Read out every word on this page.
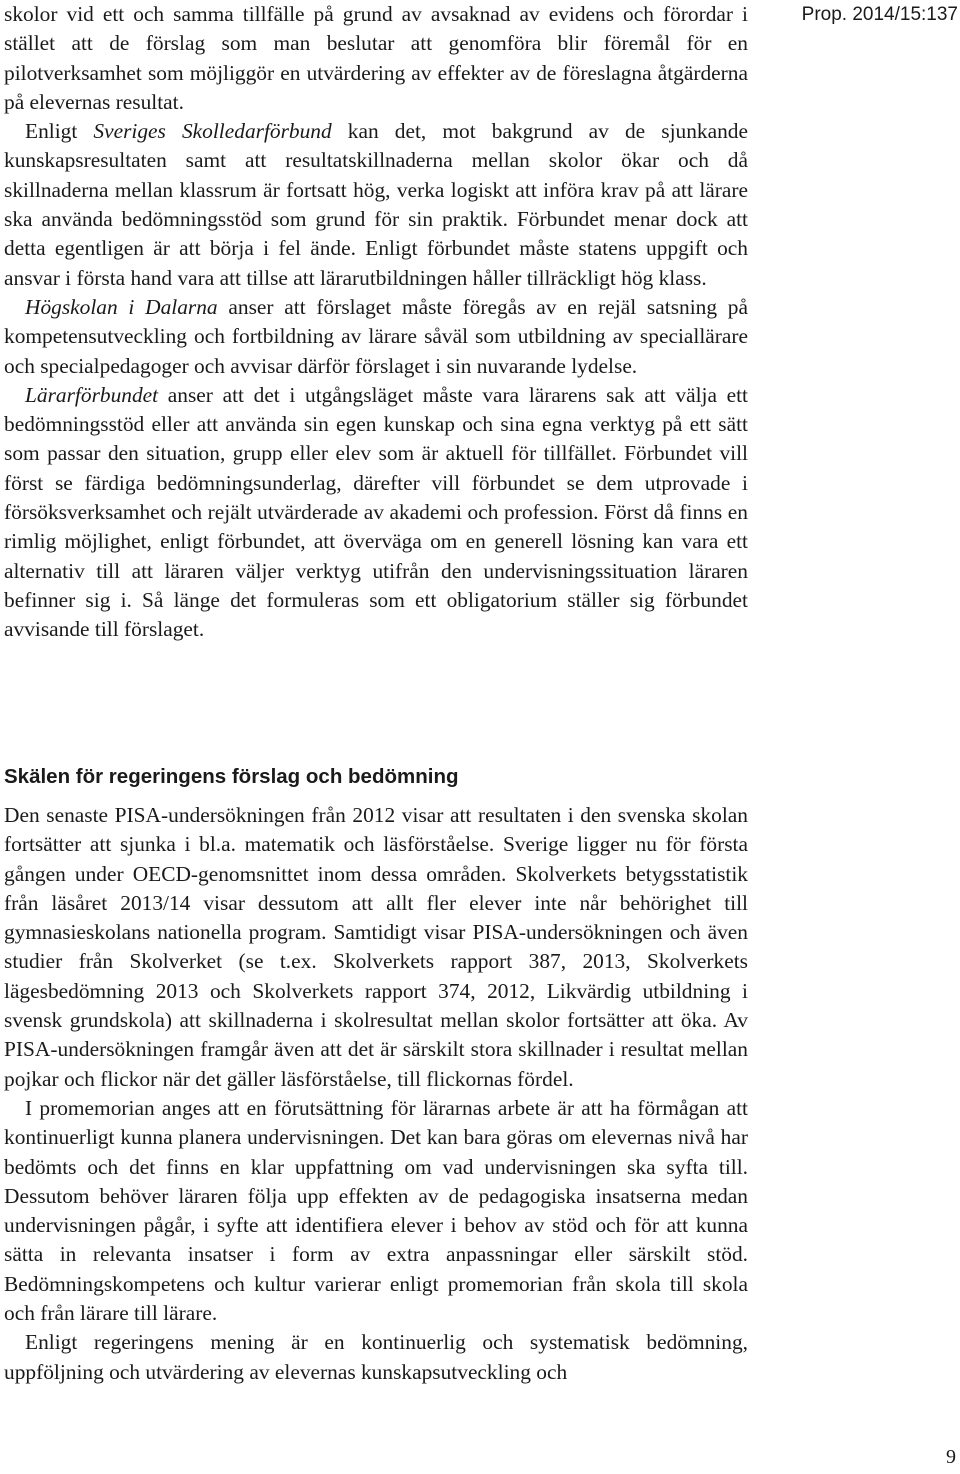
Prop. 2014/15:137

skolor vid ett och samma tillfälle på grund av avsaknad av evidens och förordar i stället att de förslag som man beslutar att genomföra blir föremål för en pilotverksamhet som möjliggör en utvärdering av effekter av de föreslagna åtgärderna på elevernas resultat.

Enligt Sveriges Skolledarförbund kan det, mot bakgrund av de sjunkande kunskapsresultaten samt att resultatskillnaderna mellan skolor ökar och då skillnaderna mellan klassrum är fortsatt hög, verka logiskt att införa krav på att lärare ska använda bedömningsstöd som grund för sin praktik. Förbundet menar dock att detta egentligen är att börja i fel ände. Enligt förbundet måste statens uppgift och ansvar i första hand vara att tillse att lärarutbildningen håller tillräckligt hög klass.

Högskolan i Dalarna anser att förslaget måste föregås av en rejäl satsning på kompetensutveckling och fortbildning av lärare såväl som utbildning av speciallärare och specialpedagoger och avvisar därför förslaget i sin nuvarande lydelse.

Lärarförbundet anser att det i utgångsläget måste vara lärarens sak att välja ett bedömningsstöd eller att använda sin egen kunskap och sina egna verktyg på ett sätt som passar den situation, grupp eller elev som är aktuell för tillfället. Förbundet vill först se färdiga bedömningsunderlag, därefter vill förbundet se dem utprovade i försöksverksamhet och rejält utvärderade av akademi och profession. Först då finns en rimlig möjlighet, enligt förbundet, att överväga om en generell lösning kan vara ett alternativ till att läraren väljer verktyg utifrån den undervisningssituation läraren befinner sig i. Så länge det formuleras som ett obligatorium ställer sig förbundet avvisande till förslaget.

Skälen för regeringens förslag och bedömning

Den senaste PISA-undersökningen från 2012 visar att resultaten i den svenska skolan fortsätter att sjunka i bl.a. matematik och läsförståelse. Sverige ligger nu för första gången under OECD-genomsnittet inom dessa områden. Skolverkets betygsstatistik från läsåret 2013/14 visar dessutom att allt fler elever inte når behörighet till gymnasieskolans nationella program. Samtidigt visar PISA-undersökningen och även studier från Skolverket (se t.ex. Skolverkets rapport 387, 2013, Skolverkets lägesbedömning 2013 och Skolverkets rapport 374, 2012, Likvärdig utbildning i svensk grundskola) att skillnaderna i skolresultat mellan skolor fortsätter att öka. Av PISA-undersökningen framgår även att det är särskilt stora skillnader i resultat mellan pojkar och flickor när det gäller läsförståelse, till flickornas fördel.

I promemorian anges att en förutsättning för lärarnas arbete är att ha förmågan att kontinuerligt kunna planera undervisningen. Det kan bara göras om elevernas nivå har bedömts och det finns en klar uppfattning om vad undervisningen ska syfta till. Dessutom behöver läraren följa upp effekten av de pedagogiska insatserna medan undervisningen pågår, i syfte att identifiera elever i behov av stöd och för att kunna sätta in relevanta insatser i form av extra anpassningar eller särskilt stöd. Bedömningskompetens och kultur varierar enligt promemorian från skola till skola och från lärare till lärare.

Enligt regeringens mening är en kontinuerlig och systematisk bedömning, uppföljning och utvärdering av elevernas kunskapsutveckling och

9
